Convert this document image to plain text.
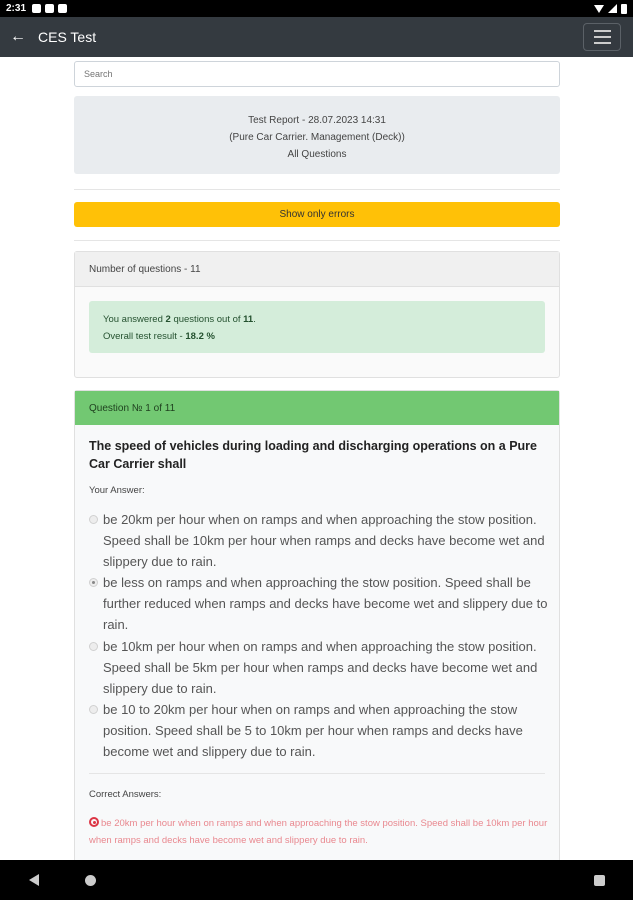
2:31
← CES Test
Search
Test Report - 28.07.2023 14:31
(Pure Car Carrier. Management (Deck))
All Questions
Show only errors
Number of questions - 11
You answered 2 questions out of 11.
Overall test result - 18.2 %
Question № 1 of 11
The speed of vehicles during loading and discharging operations on a Pure Car Carrier shall
Your Answer:
be 20km per hour when on ramps and when approaching the stow position. Speed shall be 10km per hour when ramps and decks have become wet and slippery due to rain.
be less on ramps and when approaching the stow position. Speed shall be further reduced when ramps and decks have become wet and slippery due to rain.
be 10km per hour when on ramps and when approaching the stow position. Speed shall be 5km per hour when ramps and decks have become wet and slippery due to rain.
be 10 to 20km per hour when on ramps and when approaching the stow position. Speed shall be 5 to 10km per hour when ramps and decks have become wet and slippery due to rain.
Correct Answers:
be 20km per hour when on ramps and when approaching the stow position. Speed shall be 10km per hour when ramps and decks have become wet and slippery due to rain.
